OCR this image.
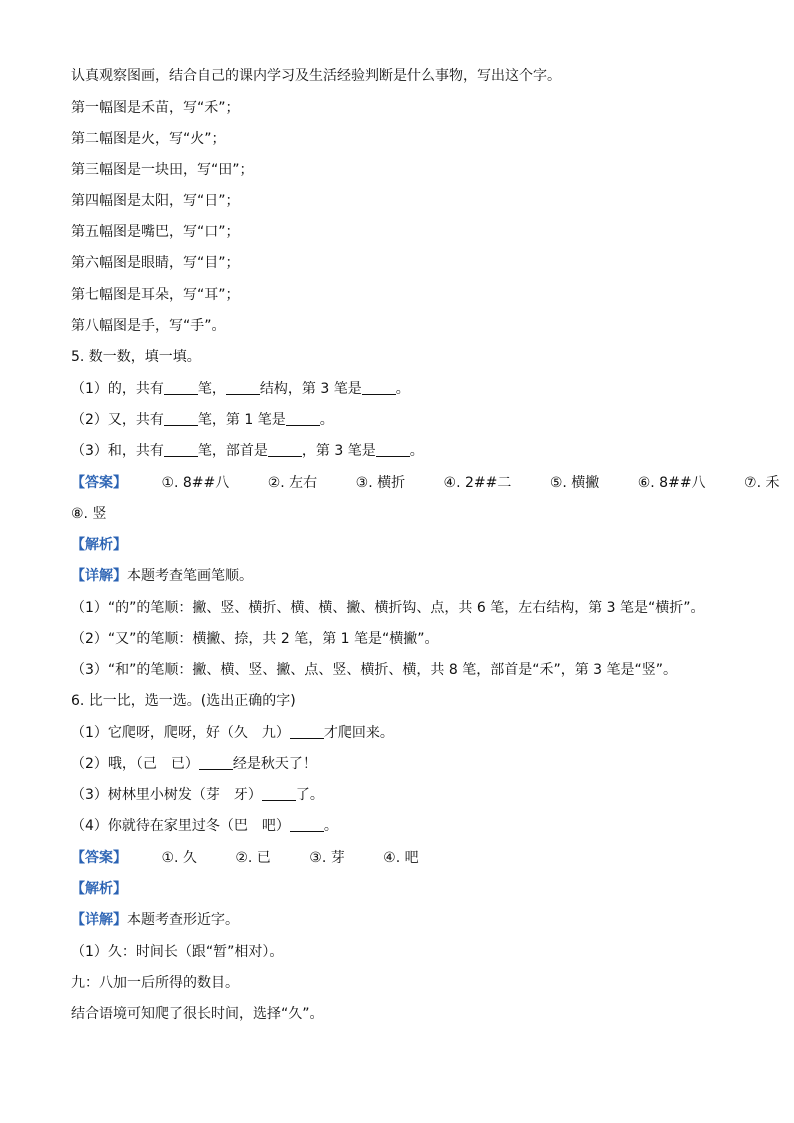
认真观察图画，结合自己的课内学习及生活经验判断是什么事物，写出这个字。
第一幅图是禾苗，写“禾”；
第二幅图是火，写“火”；
第三幅图是一块田，写“田”；
第四幅图是太阳，写“日”；
第五幅图是嘴巴，写“口”；
第六幅图是眼睛，写“目”；
第七幅图是耳朵，写“耳”；
第八幅图是手，写“手”。
5. 数一数，填一填。
（1）的，共有 笔， 结构，第 3 笔是 。
（2）又，共有 笔，第 1 笔是 。
（3）和，共有 笔，部首是 ，第 3 笔是 。
【答案】 ①. 8##八	②. 左右	③. 横折	④. 2##二	⑤. 横撇	⑥. 8##八	⑦. 禾
⑧. 竖
【解析】
【详解】本题考查笔画笔顺。
（1）“的”的笔顺：撇、竖、横折、横、横、撇、横折钩、点，共 6 笔，左右结构，第 3 笔是“横折”。
（2）“又”的笔顺：横撇、捺，共 2 笔，第 1 笔是“横撇”。
（3）“和”的笔顺：撇、横、竖、撇、点、竖、横折、横，共 8 笔，部首是“禾”，第 3 笔是“竖”。
6. 比一比，选一选。(选出正确的字)
（1）它爬呀，爬呀，好（久　九） 才爬回来。
（2）哦，（己　已） 经是秋天了！
（3）树林里小树发（芽　牙） 了。
（4）你就待在家里过冬（巴　吧） 。
【答案】 ①. 久	②. 已	③. 芽	④. 吧
【解析】
【详解】本题考查形近字。
（1）久：时间长（跟“暂”相对）。
九：八加一后所得的数目。
结合语境可知爬了很长时间，选择“久”。
